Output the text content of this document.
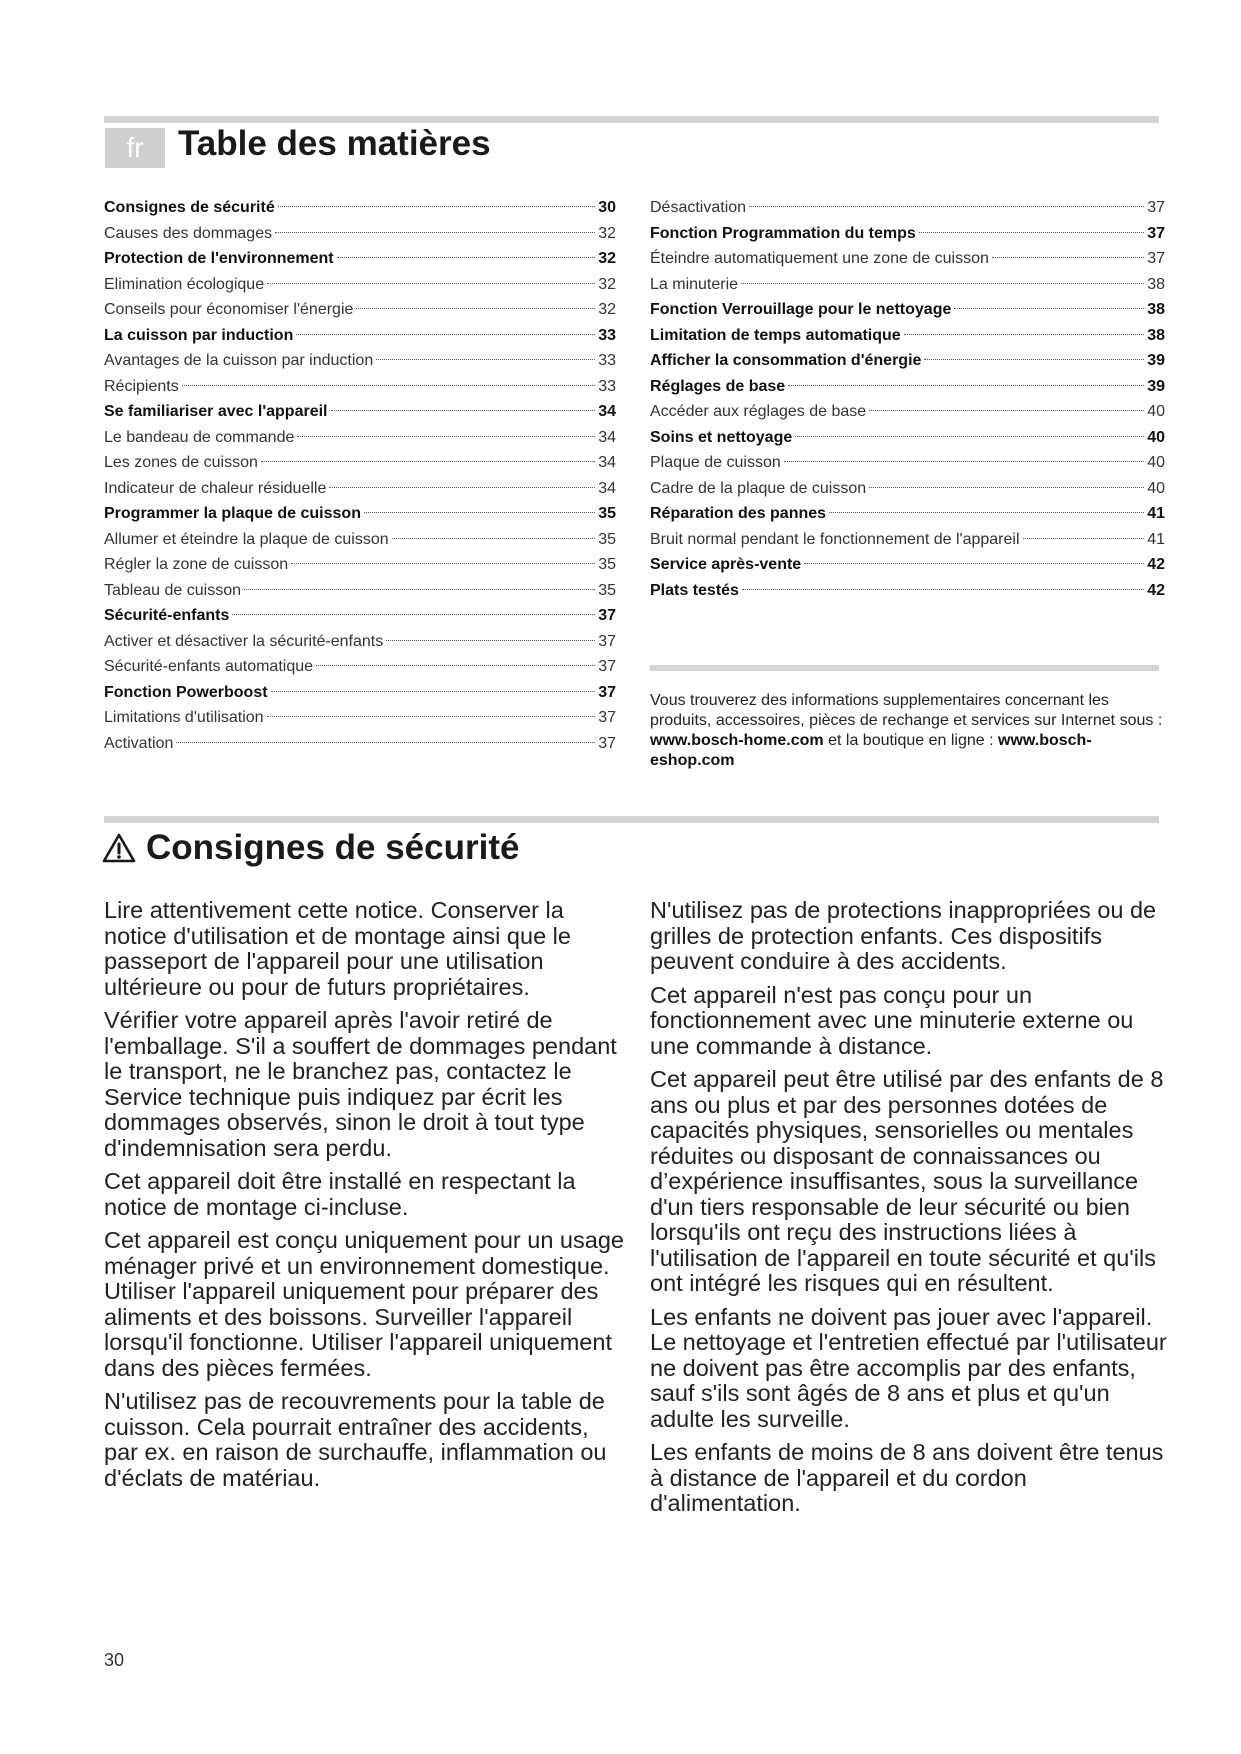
fr Table des matières
Consignes de sécurité	30
Causes des dommages	32
Protection de l'environnement	32
Elimination écologique	32
Conseils pour économiser l'énergie	32
La cuisson par induction	33
Avantages de la cuisson par induction	33
Récipients	33
Se familiariser avec l'appareil	34
Le bandeau de commande	34
Les zones de cuisson	34
Indicateur de chaleur résiduelle	34
Programmer la plaque de cuisson	35
Allumer et éteindre la plaque de cuisson	35
Régler la zone de cuisson	35
Tableau de cuisson	35
Sécurité-enfants	37
Activer et désactiver la sécurité-enfants	37
Sécurité-enfants automatique	37
Fonction Powerboost	37
Limitations d'utilisation	37
Activation	37
Désactivation	37
Fonction Programmation du temps	37
Éteindre automatiquement une zone de cuisson	37
La minuterie	38
Fonction Verrouillage pour le nettoyage	38
Limitation de temps automatique	38
Afficher la consommation d'énergie	39
Réglages de base	39
Accéder aux réglages de base	40
Soins et nettoyage	40
Plaque de cuisson	40
Cadre de la plaque de cuisson	40
Réparation des pannes	41
Bruit normal pendant le fonctionnement de l'appareil	41
Service après-vente	42
Plats testés	42
Vous trouverez des informations supplementaires concernant les produits, accessoires, pièces de rechange et services sur Internet sous : www.bosch-home.com et la boutique en ligne : www.bosch-eshop.com
Consignes de sécurité

Lire attentivement cette notice. Conserver la notice d'utilisation et de montage ainsi que le passeport de l'appareil pour une utilisation ultérieure ou pour de futurs propriétaires.

Vérifier votre appareil après l'avoir retiré de l'emballage. S'il a souffert de dommages pendant le transport, ne le branchez pas, contactez le Service technique puis indiquez par écrit les dommages observés, sinon le droit à tout type d'indemnisation sera perdu.

Cet appareil doit être installé en respectant la notice de montage ci-incluse.

Cet appareil est conçu uniquement pour un usage ménager privé et un environnement domestique. Utiliser l'appareil uniquement pour préparer des aliments et des boissons. Surveiller l'appareil lorsqu'il fonctionne. Utiliser l'appareil uniquement dans des pièces fermées.

N'utilisez pas de recouvrements pour la table de cuisson. Cela pourrait entraîner des accidents, par ex. en raison de surchauffe, inflammation ou d'éclats de matériau.

N'utilisez pas de protections inappropriées ou de grilles de protection enfants. Ces dispositifs peuvent conduire à des accidents.

Cet appareil n'est pas conçu pour un fonctionnement avec une minuterie externe ou une commande à distance.

Cet appareil peut être utilisé par des enfants de 8 ans ou plus et par des personnes dotées de capacités physiques, sensorielles ou mentales réduites ou disposant de connaissances ou d’expérience insuffisantes, sous la surveillance d'un tiers responsable de leur sécurité ou bien lorsqu'ils ont reçu des instructions liées à l'utilisation de l'appareil en toute sécurité et qu'ils ont intégré les risques qui en résultent.

Les enfants ne doivent pas jouer avec l'appareil. Le nettoyage et l'entretien effectué par l'utilisateur ne doivent pas être accomplis par des enfants, sauf s'ils sont âgés de 8 ans et plus et qu'un adulte les surveille.

Les enfants de moins de 8 ans doivent être tenus à distance de l'appareil et du cordon d'alimentation.

30
